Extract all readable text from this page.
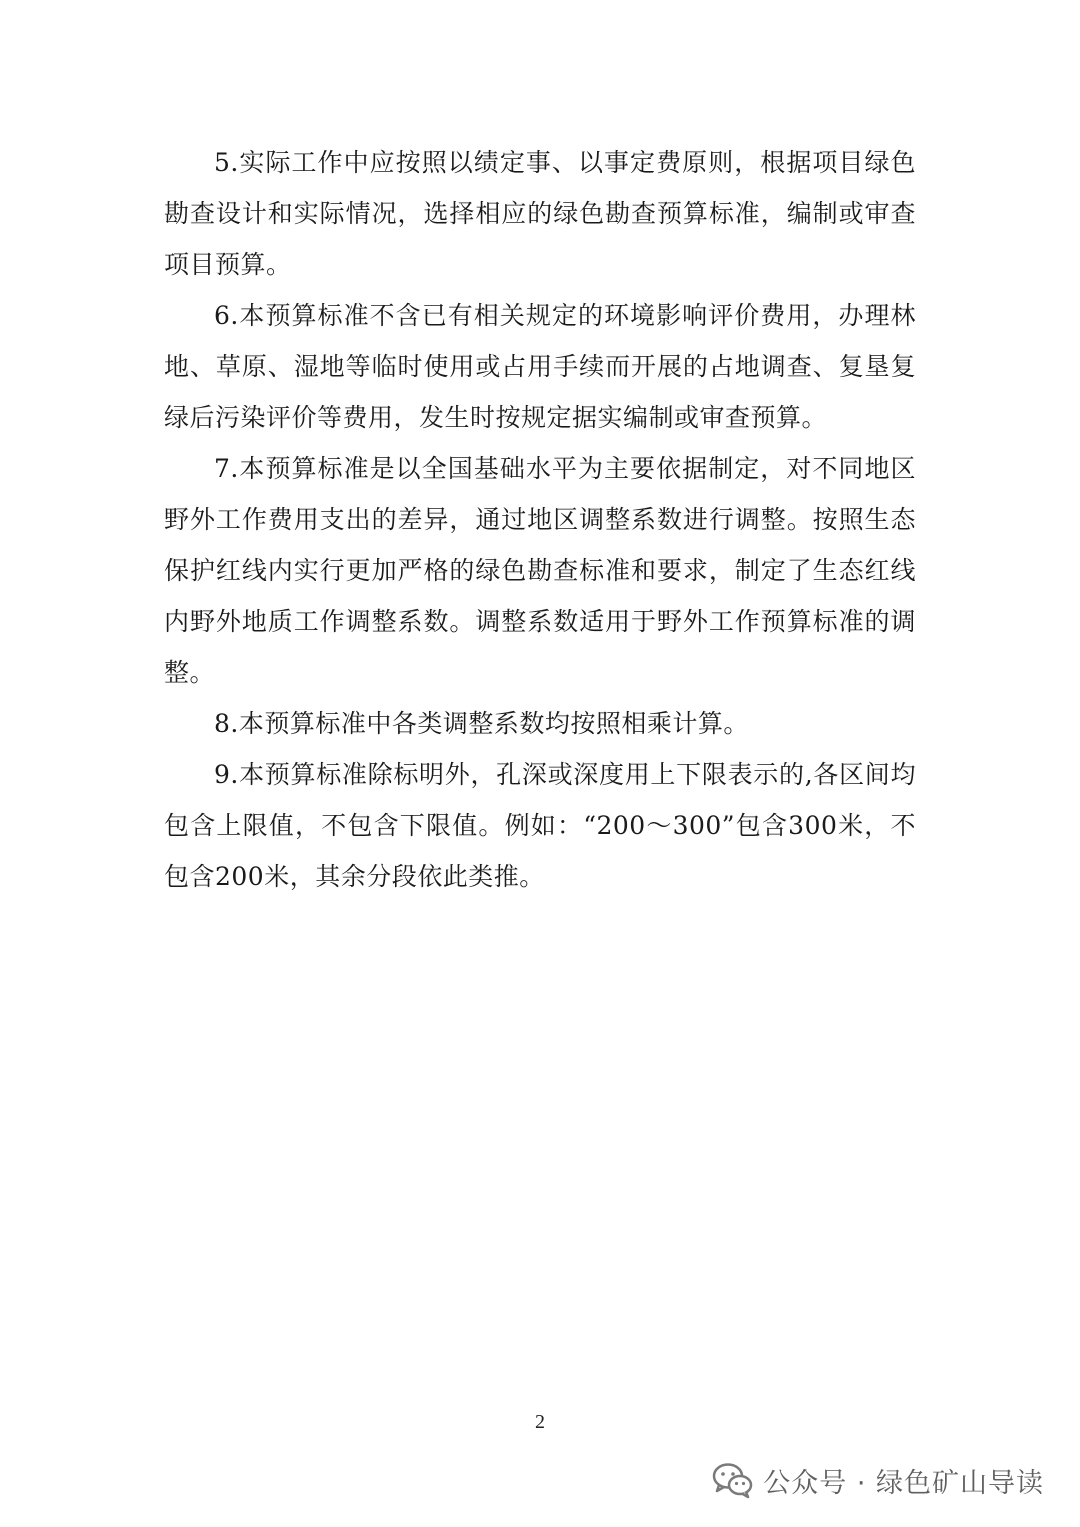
5.实际工作中应按照以绩定事、以事定费原则，根据项目绿色勘查设计和实际情况，选择相应的绿色勘查预算标准，编制或审查项目预算。

6.本预算标准不含已有相关规定的环境影响评价费用，办理林地、草原、湿地等临时使用或占用手续而开展的占地调查、复垦复绿后污染评价等费用，发生时按规定据实编制或审查预算。

7.本预算标准是以全国基础水平为主要依据制定，对不同地区野外工作费用支出的差异，通过地区调整系数进行调整。按照生态保护红线内实行更加严格的绿色勘查标准和要求，制定了生态红线内野外地质工作调整系数。调整系数适用于野外工作预算标准的调整。

8.本预算标准中各类调整系数均按照相乘计算。

9.本预算标准除标明外，孔深或深度用上下限表示的,各区间均包含上限值，不包含下限值。例如：“200～300”包含300米，不包含200米，其余分段依此类推。

2
公众号 · 绿色矿山导读
